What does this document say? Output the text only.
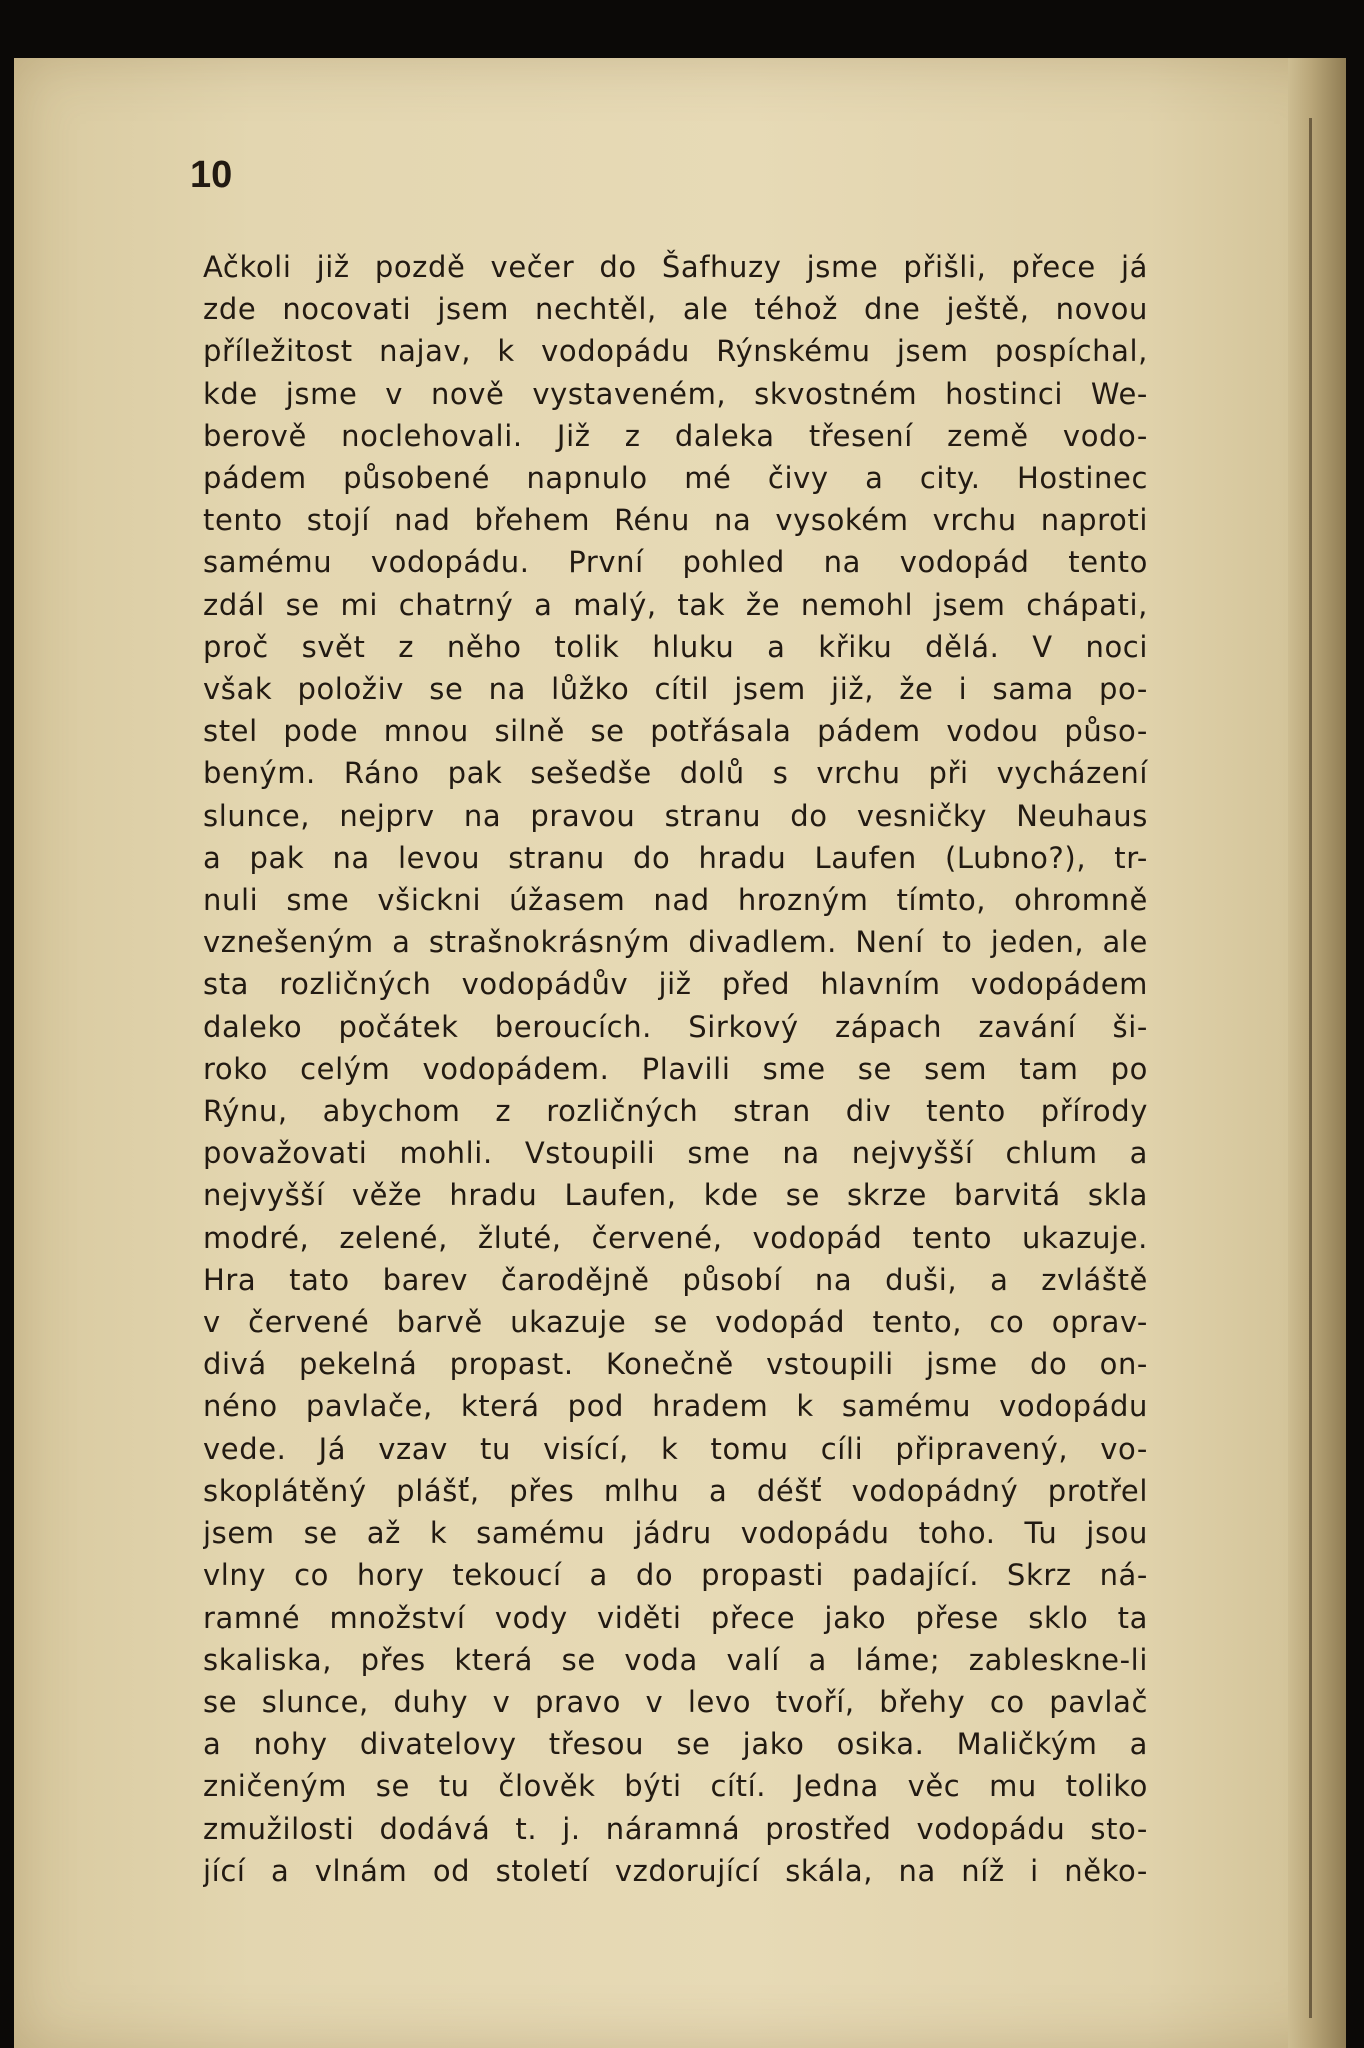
10

Ačkoli již pozdě večer do Šafhuzy jsme přišli, přece já
zde nocovati jsem nechtěl, ale téhož dne ještě, novou
příležitost najav, k vodopádu Rýnskému jsem pospíchal,
kde jsme v nově vystaveném, skvostném hostinci We-
berově nocleh​ovali. Již z daleka třesení země vodo-
pádem působené napnulo mé čivy a city. Hostinec
tento stojí nad břehem Rénu na vysokém vrchu naproti
samému vodopádu. První pohled na vodopád tento
zdál se mi chatrný a malý, tak že nemohl jsem chápati,
proč svět z něho tolik hluku a křiku dělá. V noci
však položiv se na lůžko cítil jsem již, že i sama po-
stel pode mnou silně se potřásala pádem vodou půso-
beným. Ráno pak sešedše dolů s vrchu při vycházení
slunce, nejprv na pravou stranu do vesničky Neuhaus
a pak na levou stranu do hradu Laufen (Lubno?), tr-
nuli sme všickni úžasem nad hrozným tímto, ohromně
vznešeným a strašnokrásným divadlem. Není to jeden, ale
sta rozličných vodopádův již před hlavním vodopádem
daleko počátek beroucích. Sirkový zápach zavání ši-
roko celým vodopádem. Plavili sme se sem tam po
Rýnu, abychom z rozličných stran div tento přírody
považovati mohli. Vstoupili sme na nejvyšší chlum a
nejvyšší věže hradu Laufen, kde se skrze barvitá skla
modré, zelené, žluté, červené, vodopád tento ukazuje.
Hra tato barev čarodějně působí na duši, a zvláště
v červené barvě ukazuje se vodopád tento, co oprav-
divá pekelná propast. Konečně vstoupili jsme do on-
néno pavlače, která pod hradem k samému vodopádu
vede. Já vzav tu visící, k tomu cíli připravený, vo-
skoplátěný plášť, přes mlhu a déšť vodopádný protřel
jsem se až k samému jádru vodopádu toho. Tu jsou
vlny co hory tekoucí a do propasti padající. Skrz ná-
ramné množství vody viděti přece jako přese sklo ta
skaliska, přes která se voda valí a láme; zableskne-li
se slunce, duhy v pravo v levo tvoří, břehy co pavlač
a nohy divatelovy třesou se jako osika. Maličkým a
zničeným se tu člověk býti cítí. Jedna věc mu toliko
zmužilosti dodává t. j. náramná prostřed vodopádu sto-
jící a vlnám od století vzdorující skála, na níž i něko-
